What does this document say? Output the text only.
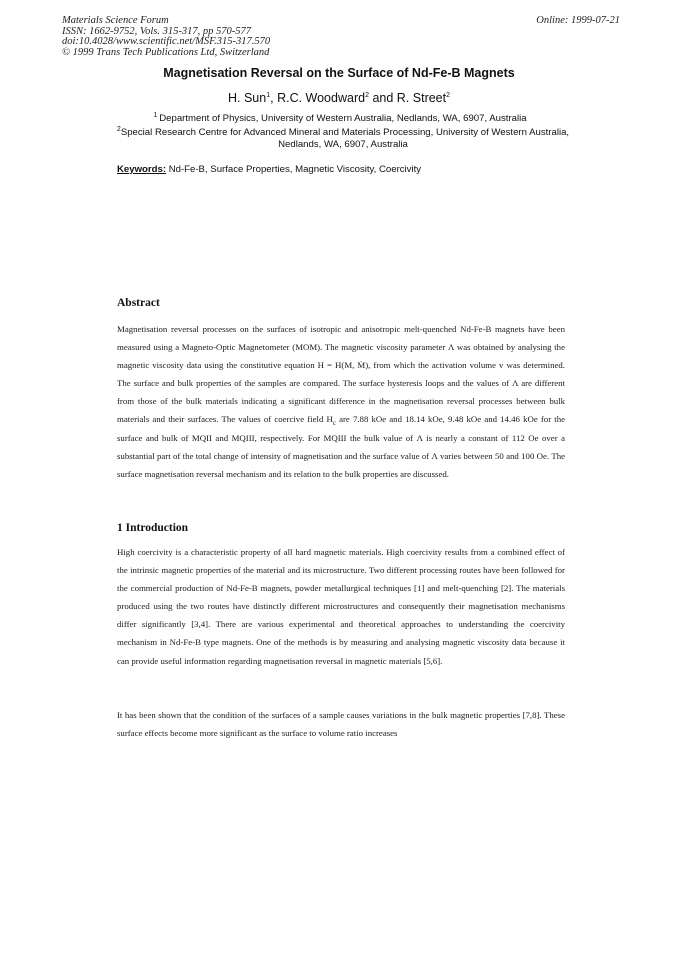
Materials Science Forum
ISSN: 1662-9752, Vols. 315-317, pp 570-577
doi:10.4028/www.scientific.net/MSF.315-317.570
© 1999 Trans Tech Publications Ltd, Switzerland
Online: 1999-07-21
Magnetisation Reversal on the Surface of Nd-Fe-B Magnets
H. Sun$^1$, R.C. Woodward$^2$ and R. Street$^2$
$^1$  Department of Physics, University of Western Australia, Nedlands, WA, 6907, Australia
$^2$Special Research Centre for Advanced Mineral and Materials Processing, University of Western Australia, Nedlands, WA, 6907, Australia
Keywords: Nd-Fe-B, Surface Properties, Magnetic Viscosity, Coercivity
Abstract
Magnetisation reversal processes on the surfaces of isotropic and anisotropic melt-quenched Nd-Fe-B magnets have been measured using a Magneto-Optic Magnetometer (MOM). The magnetic viscosity parameter Λ was obtained by analysing the magnetic viscosity data using the constitutive equation H = H(M, Ṁ), from which the activation volume v was determined. The surface and bulk properties of the samples are compared. The surface hysteresis loops and the values of Λ are different from those of the bulk materials indicating a significant difference in the magnetisation reversal processes between bulk materials and their surfaces. The values of coercive field $H_c$ are 7.88 kOe and 18.14 kOe, 9.48 kOe and 14.46 kOe for the surface and bulk of MQII and MQIII, respectively. For MQIII the bulk value of Λ is nearly a constant of 112 Oe over a substantial part of the total change of intensity of magnetisation and the surface value of Λ varies between 50 and 100 Oe. The surface magnetisation reversal mechanism and its relation to the bulk properties are discussed.
1 Introduction
High coercivity is a characteristic property of all hard magnetic materials. High coercivity results from a combined effect of the intrinsic magnetic properties of the material and its microstructure. Two different processing routes have been followed for the commercial production of Nd-Fe-B magnets, powder metallurgical techniques [1] and melt-quenching [2]. The materials produced using the two routes have distinctly different microstructures and consequently their magnetisation mechanisms differ significantly [3,4]. There are various experimental and theoretical approaches to understanding the coercivity mechanism in Nd-Fe-B type magnets. One of the methods is by measuring and analysing magnetic viscosity data because it can provide useful information regarding magnetisation reversal in magnetic materials [5,6].
It has been shown that the condition of the surfaces of a sample causes variations in the bulk magnetic properties [7,8]. These surface effects become more significant as the surface to volume ratio increases
